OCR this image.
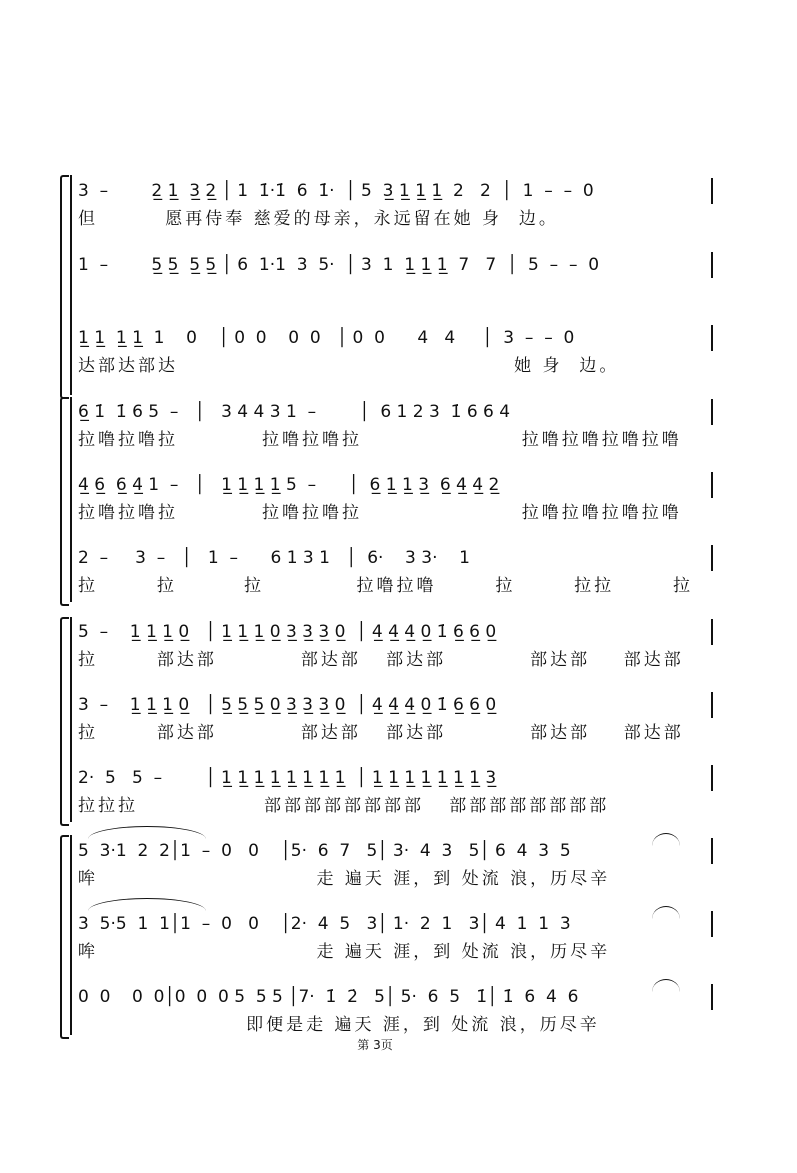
3  –        2̲ 1̲  3̲ 2̲ │ 1  1̇·1̇  6  1̇·  │ 5  3̲ 1̲ 1̲ 1̲  2   2  │  1  –  –  0
但        愿再侍奉 慈爱的母亲，永远留在她 身  边。
1  –        5̲ 5̲  5̲ 5̲ │ 6  1·1  3  5·  │ 3  1  1̲ 1̲ 1̲  7   7  │  5  –  –  0
1̲ 1̲  1̲ 1̲  1    0    │ 0  0    0  0   │ 0  0      4   4     │  3  –  –  0
达部达部达                                        她 身  边。
6̲ 1̇  1̇ 6 5  –   │   3 4 4 3 1  –        │  6 1 2 3  1̇ 6 6 4
拉噜拉噜拉          拉噜拉噜拉                   拉噜拉噜拉噜拉噜
4̲ 6̲  6̲ 4̲ 1  –   │   1̲ 1̲ 1̲ 1̲ 5  –      │  6̲ 1̲ 1̲ 3̲  6̲ 4̲ 4̲ 2̲
拉噜拉噜拉          拉噜拉噜拉                   拉噜拉噜拉噜拉噜
2  –     3  –   │   1  –      6 1 3 1   │  6·    3 3·    1
拉       拉        拉           拉噜拉噜       拉       拉拉       拉
5  –    1̲ 1̲ 1̲ 0̲   │ 1̲ 1̲ 1̲ 0̲ 3̲ 3̲ 3̲ 0̲  │ 4̲ 4̲ 4̲ 0̲ 1̇ 6̲ 6̲ 0̲
拉       部达部          部达部   部达部          部达部    部达部
3  –    1̲ 1̲ 1̲ 0̲   │ 5̲ 5̲ 5̲ 0̲ 3̲ 3̲ 3̲ 0̲  │ 4̲ 4̲ 4̲ 0̲ 1̇ 6̲ 6̲ 0̲
拉       部达部          部达部   部达部          部达部    部达部
2·  5   5  –        │ 1̲ 1̲ 1̲ 1̲ 1̲ 1̲ 1̲ 1̲  │ 1̲ 1̲ 1̲ 1̲ 1̲ 1̲ 1̲ 3̲
拉拉拉               部部部部部部部部   部部部部部部部部
5  3·1  2  2│1  –  0   0    │5·  6  7   5│ 3·  4  3   5│ 6  4  3  5
哞                          走 遍天 涯，到 处流 浪，历尽辛
3  5·5  1  1│1  –  0   0    │2·  4  5   3│ 1·  2  1   3│ 4  1  1  3
哞                          走 遍天 涯，到 处流 浪，历尽辛
0  0    0  0│0  0  0 5  5 5 │7·  1̇  2̇   5│ 5·  6  5   1̇│ 1̇  6  4  6
即便是走 遍天 涯，到 处流 浪，历尽辛
第 3页
